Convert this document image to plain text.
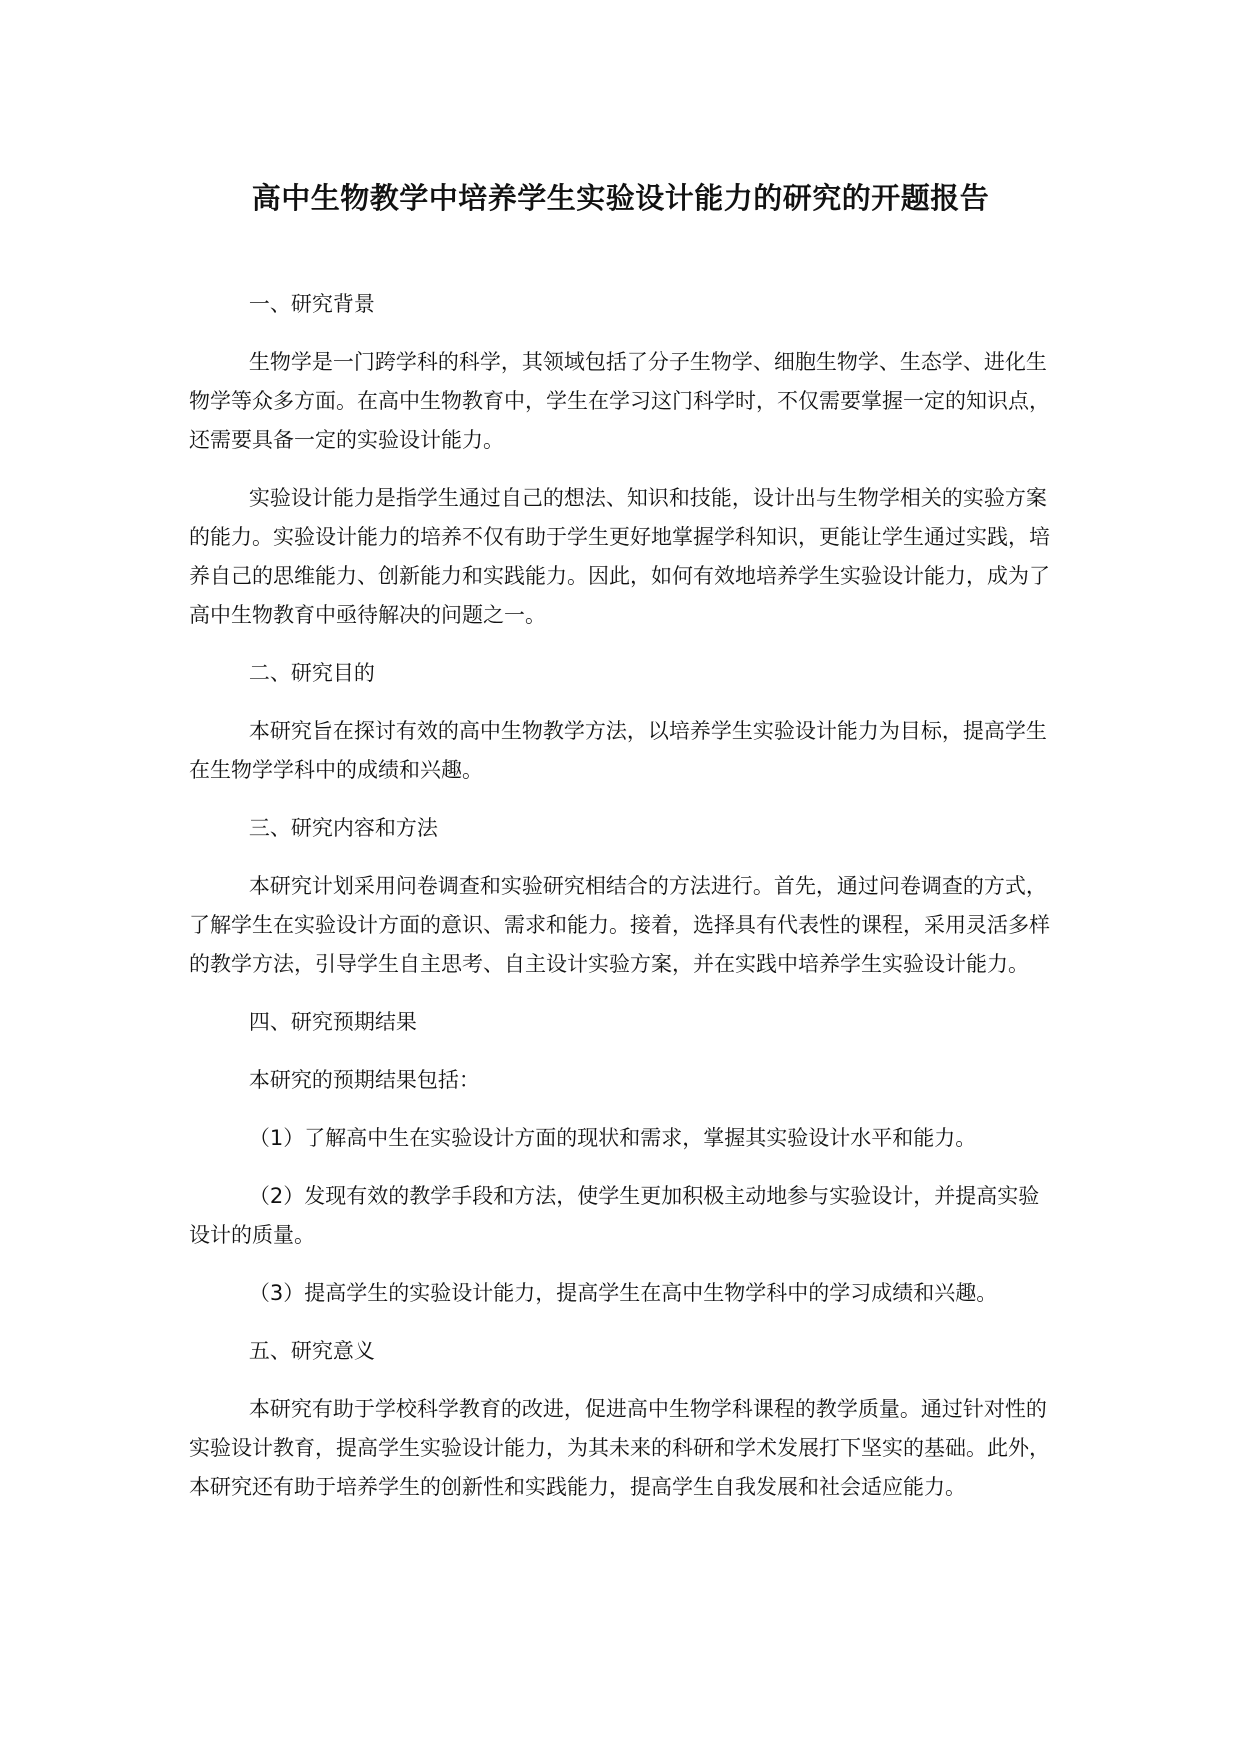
高中生物教学中培养学生实验设计能力的研究的开题报告

一、研究背景

生物学是一门跨学科的科学，其领域包括了分子生物学、细胞生物学、生态学、进化生物学等众多方面。在高中生物教育中，学生在学习这门科学时，不仅需要掌握一定的知识点，还需要具备一定的实验设计能力。

实验设计能力是指学生通过自己的想法、知识和技能，设计出与生物学相关的实验方案的能力。实验设计能力的培养不仅有助于学生更好地掌握学科知识，更能让学生通过实践，培养自己的思维能力、创新能力和实践能力。因此，如何有效地培养学生实验设计能力，成为了高中生物教育中亟待解决的问题之一。

二、研究目的

本研究旨在探讨有效的高中生物教学方法，以培养学生实验设计能力为目标，提高学生在生物学学科中的成绩和兴趣。

三、研究内容和方法

本研究计划采用问卷调查和实验研究相结合的方法进行。首先，通过问卷调查的方式，了解学生在实验设计方面的意识、需求和能力。接着，选择具有代表性的课程，采用灵活多样的教学方法，引导学生自主思考、自主设计实验方案，并在实践中培养学生实验设计能力。

四、研究预期结果

本研究的预期结果包括：

（1）了解高中生在实验设计方面的现状和需求，掌握其实验设计水平和能力。

（2）发现有效的教学手段和方法，使学生更加积极主动地参与实验设计，并提高实验设计的质量。

（3）提高学生的实验设计能力，提高学生在高中生物学科中的学习成绩和兴趣。

五、研究意义

本研究有助于学校科学教育的改进，促进高中生物学科课程的教学质量。通过针对性的实验设计教育，提高学生实验设计能力，为其未来的科研和学术发展打下坚实的基础。此外，本研究还有助于培养学生的创新性和实践能力，提高学生自我发展和社会适应能力。
